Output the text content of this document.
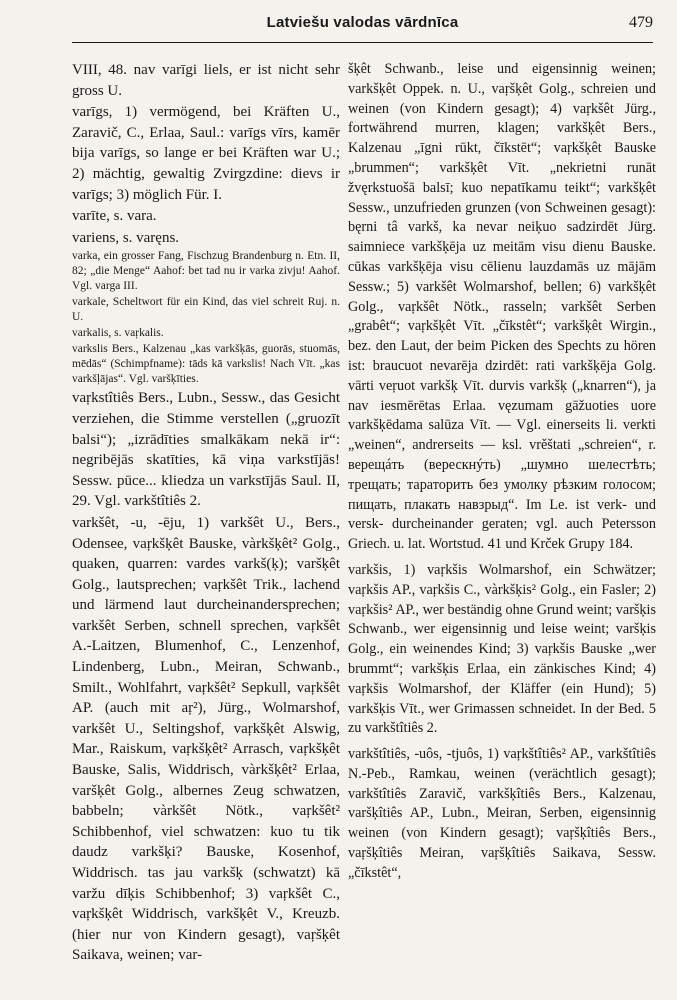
Latviešu valodas vārdnīca	479

VIII, 48. nav varīgi liels, er ist nicht sehr gross U.

varīgs, 1) vermögend, bei Kräften U., Zaravič, C., Erlaa, Saul.: varīgs vīrs, kamēr bija varīgs, so lange er bei Kräften war U.; 2) mächtig, gewaltig Zvirgzdine: dievs ir varīgs; 3) möglich Für. I.

varīte, s. vara.

variens, s. varęns.

varka, ein grosser Fang, Fischzug Brandenburg n. Etn. II, 82; „die Menge“ Aahof: bet tad nu ir varka zivju! Aahof. Vgl. varga III.

varkale, Scheltwort für ein Kind, das viel schreit Ruj. n. U.

varkalis, s. vaŗkalis.

varkslis Bers., Kalzenau „kas varkšķās, guorās, stuomās, mēdās“ (Schimpfname): tāds kā varkslis! Nach Vīt. „kas varkšļājas“. Vgl. varšķīties.

vaŗkstîtiês Bers., Lubn., Sessw., das Gesicht verziehen, die Stimme verstellen („gruozīt balsi“); „izrādīties smalkākam nekā ir“: negribējās skatīties, kā viņa varkstījās! Sessw. pūce... kliedza un varkstījās Saul. II, 29. Vgl. varkštîtiês 2.

varkšêt, -u, -ēju, 1) varkšêt U., Bers., Odensee, vaŗkšķêt Bauske, vàrkšķêt² Golg., quaken, quarren: vardes varkš(ķ); varšķêt Golg., lautsprechen; vaŗkšêt Trik., lachend und lärmend laut durcheinandersprechen; varkšêt Serben, schnell sprechen, vaŗkšêt A.-Laitzen, Blumenhof, C., Lenzenhof, Lindenberg, Lubn., Meiran, Schwanb., Smilt., Wohlfahrt, vaŗkšêt² Sepkull, vaŗkšêt AP. (auch mit aŗ²), Jürg., Wolmarshof, varkšêt U., Seltingshof, vaŗkšķêt Alswig, Mar., Raiskum, vaŗkšķêt² Arrasch, vaŗkšķêt Bauske, Salis, Widdrisch, vàrkšķêt² Erlaa, varšķêt Golg., albernes Zeug schwatzen, babbeln; vàrkšêt Nötk., vaŗkšêt² Schibbenhof, viel schwatzen: kuo tu tik daudz varkšķi? Bauske, Kosenhof, Widdrisch. tas jau varkšķ (schwatzt) kā varžu dīķis Schibbenhof; 3) vaŗkšêt C., vaŗkšķêt Widdrisch, varkšķêt V., Kreuzb. (hier nur von Kindern gesagt), vaŗšķêt Saikava, weinen; var-

šķêt Schwanb., leise und eigensinnig weinen; varkšķêt Oppek. n. U., vaŗšķêt Golg., schreien und weinen (von Kindern gesagt); 4) vaŗkšêt Jürg., fortwährend murren, klagen; varkšķêt Bers., Kalzenau „īgni rūkt, čīkstēt“; vaŗkšķêt Bauske „brummen“; varkšķêt Vīt. „nekrietni runāt žvęrkstuošā balsī; kuo nepatīkamu teikt“; varkšķêt Sessw., unzufrieden grunzen (von Schweinen gesagt): bęrni tâ varkš, ka nevar neiķuo sadzirdēt Jürg. saimniece varkšķēja uz meitām visu dienu Bauske. cūkas varkšķēja visu cēlienu lauzdamās uz mājām Sessw.; 5) varkšêt Wolmarshof, bellen; 6) varkšķêt Golg., vaŗkšêt Nötk., rasseln; varkšêt Serben „grabêt“; vaŗkšķêt Vīt. „čīkstêt“; varkšķêt Wirgin., bez. den Laut, der beim Picken des Spechts zu hören ist: braucuot nevarēja dzirdēt: rati varkšķēja Golg. vārti veŗuot varkšķ Vīt. durvis varkšķ („knarren“), ja nav iesmērētas Erlaa. vęzumam gāžuoties uore varkšķēdama salūza Vīt. — Vgl. einerseits li. verkti „weinen“, andrerseits — ksl. vrěštati „schreien“, r. верещáть (верескнýть) „шумно шелестѣть; трещать; тараторить без умолку рѣзким голосом; пищать, плакать навзрыд“. Im Le. ist verk- und versk- durcheinander geraten; vgl. auch Petersson Griech. u. lat. Wortstud. 41 und Krček Grupy 184.

varkšis, 1) vaŗkšis Wolmarshof, ein Schwätzer; vaŗkšis AP., vaŗkšis C., vàrkšķis² Golg., ein Fasler; 2) vaŗkšis² AP., wer beständig ohne Grund weint; varšķis Schwanb., wer eigensinnig und leise weint; varšķis Golg., ein weinendes Kind; 3) vaŗkšis Bauske „wer brummt“; varkšķis Erlaa, ein zänkisches Kind; 4) vaŗkšis Wolmarshof, der Kläffer (ein Hund); 5) varkšķis Vīt., wer Grimassen schneidet. In der Bed. 5 zu varkštîtiês 2.

varkštîtiês, -uôs, -tjuôs, 1) vaŗkštîtiês² AP., varkštîtiês N.-Peb., Ramkau, weinen (verächtlich gesagt); varkštîtiês Zaravič, varkšķîtiês Bers., Kalzenau, varšķîtiês AP., Lubn., Meiran, Serben, eigensinnig weinen (von Kindern gesagt); vaŗšķîtiês Bers., vaŗšķîtiês Meiran, vaŗšķîtiês Saikava, Sessw. „čīkstêt“,
